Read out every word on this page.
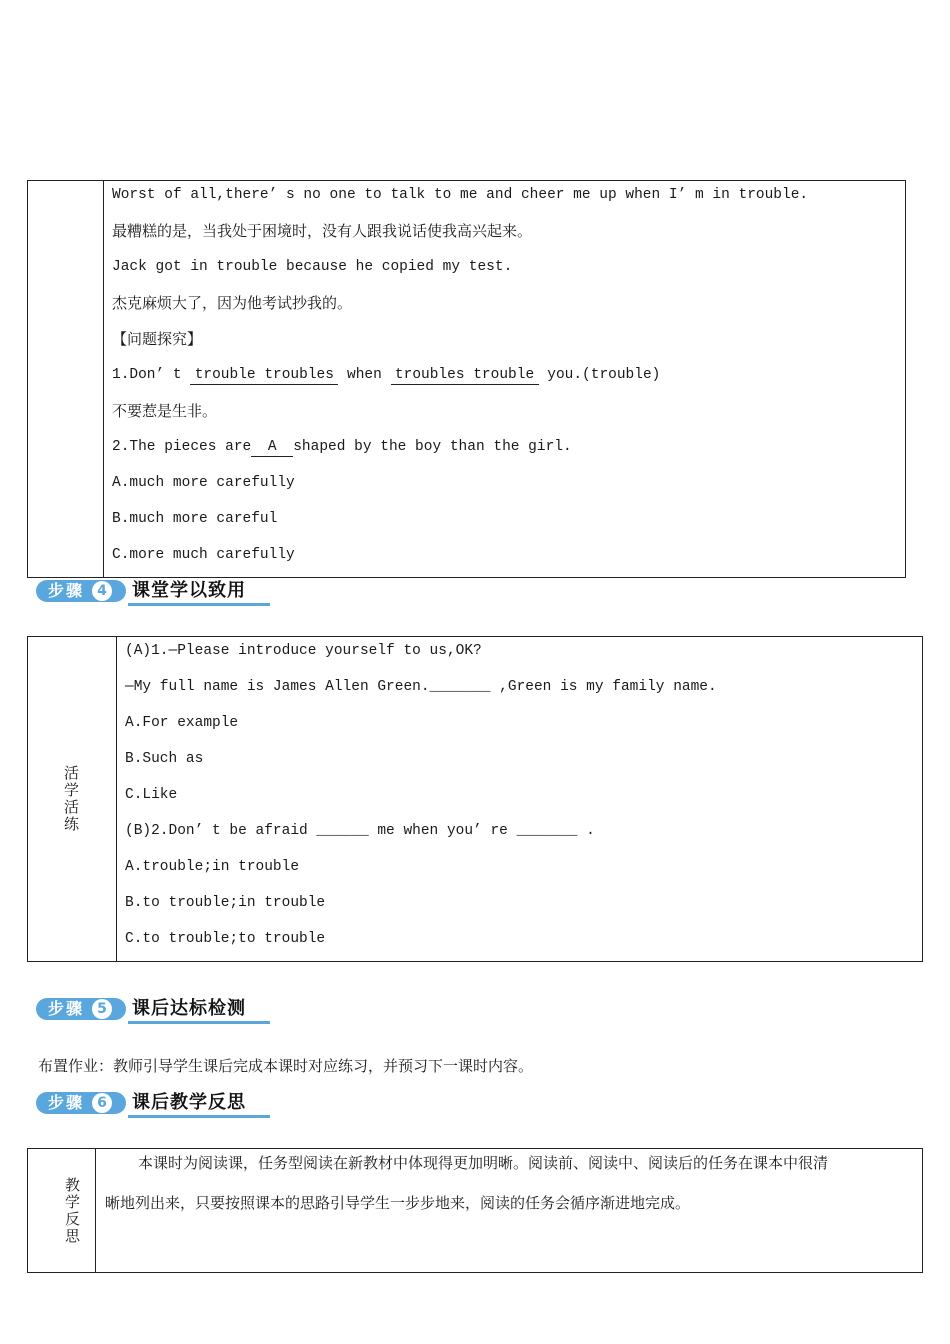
Worst of all,there’ s no one to talk to me and cheer me up when I’ m in trouble.
最糟糕的是，当我处于困境时，没有人跟我说话使我高兴起来。
Jack got in trouble because he copied my test.
杰克麻烦大了，因为他考试抄我的。
【问题探究】
1.Don’ t trouble troubles when troubles trouble you.(trouble)
不要惹是生非。
2.The pieces are A shaped by the boy than the girl.
A.much more carefully
B.much more careful
C.more much carefully
步骤 4 课堂学以致用
活
学
活
练
(A)1.—Please introduce yourself to us,OK?
—My full name is James Allen Green._______ ,Green is my family name.
A.For example
B.Such as
C.Like
(B)2.Don’ t be afraid ______ me when you’ re _______ .
A.trouble;in trouble
B.to trouble;in trouble
C.to trouble;to trouble
步骤 5 课后达标检测
布置作业：教师引导学生课后完成本课时对应练习，并预习下一课时内容。
步骤 6 课后教学反思
教
学
反
思
本课时为阅读课，任务型阅读在新教材中体现得更加明晰。阅读前、阅读中、阅读后的任务在课本中很清
晰地列出来，只要按照课本的思路引导学生一步步地来，阅读的任务会循序渐进地完成。
